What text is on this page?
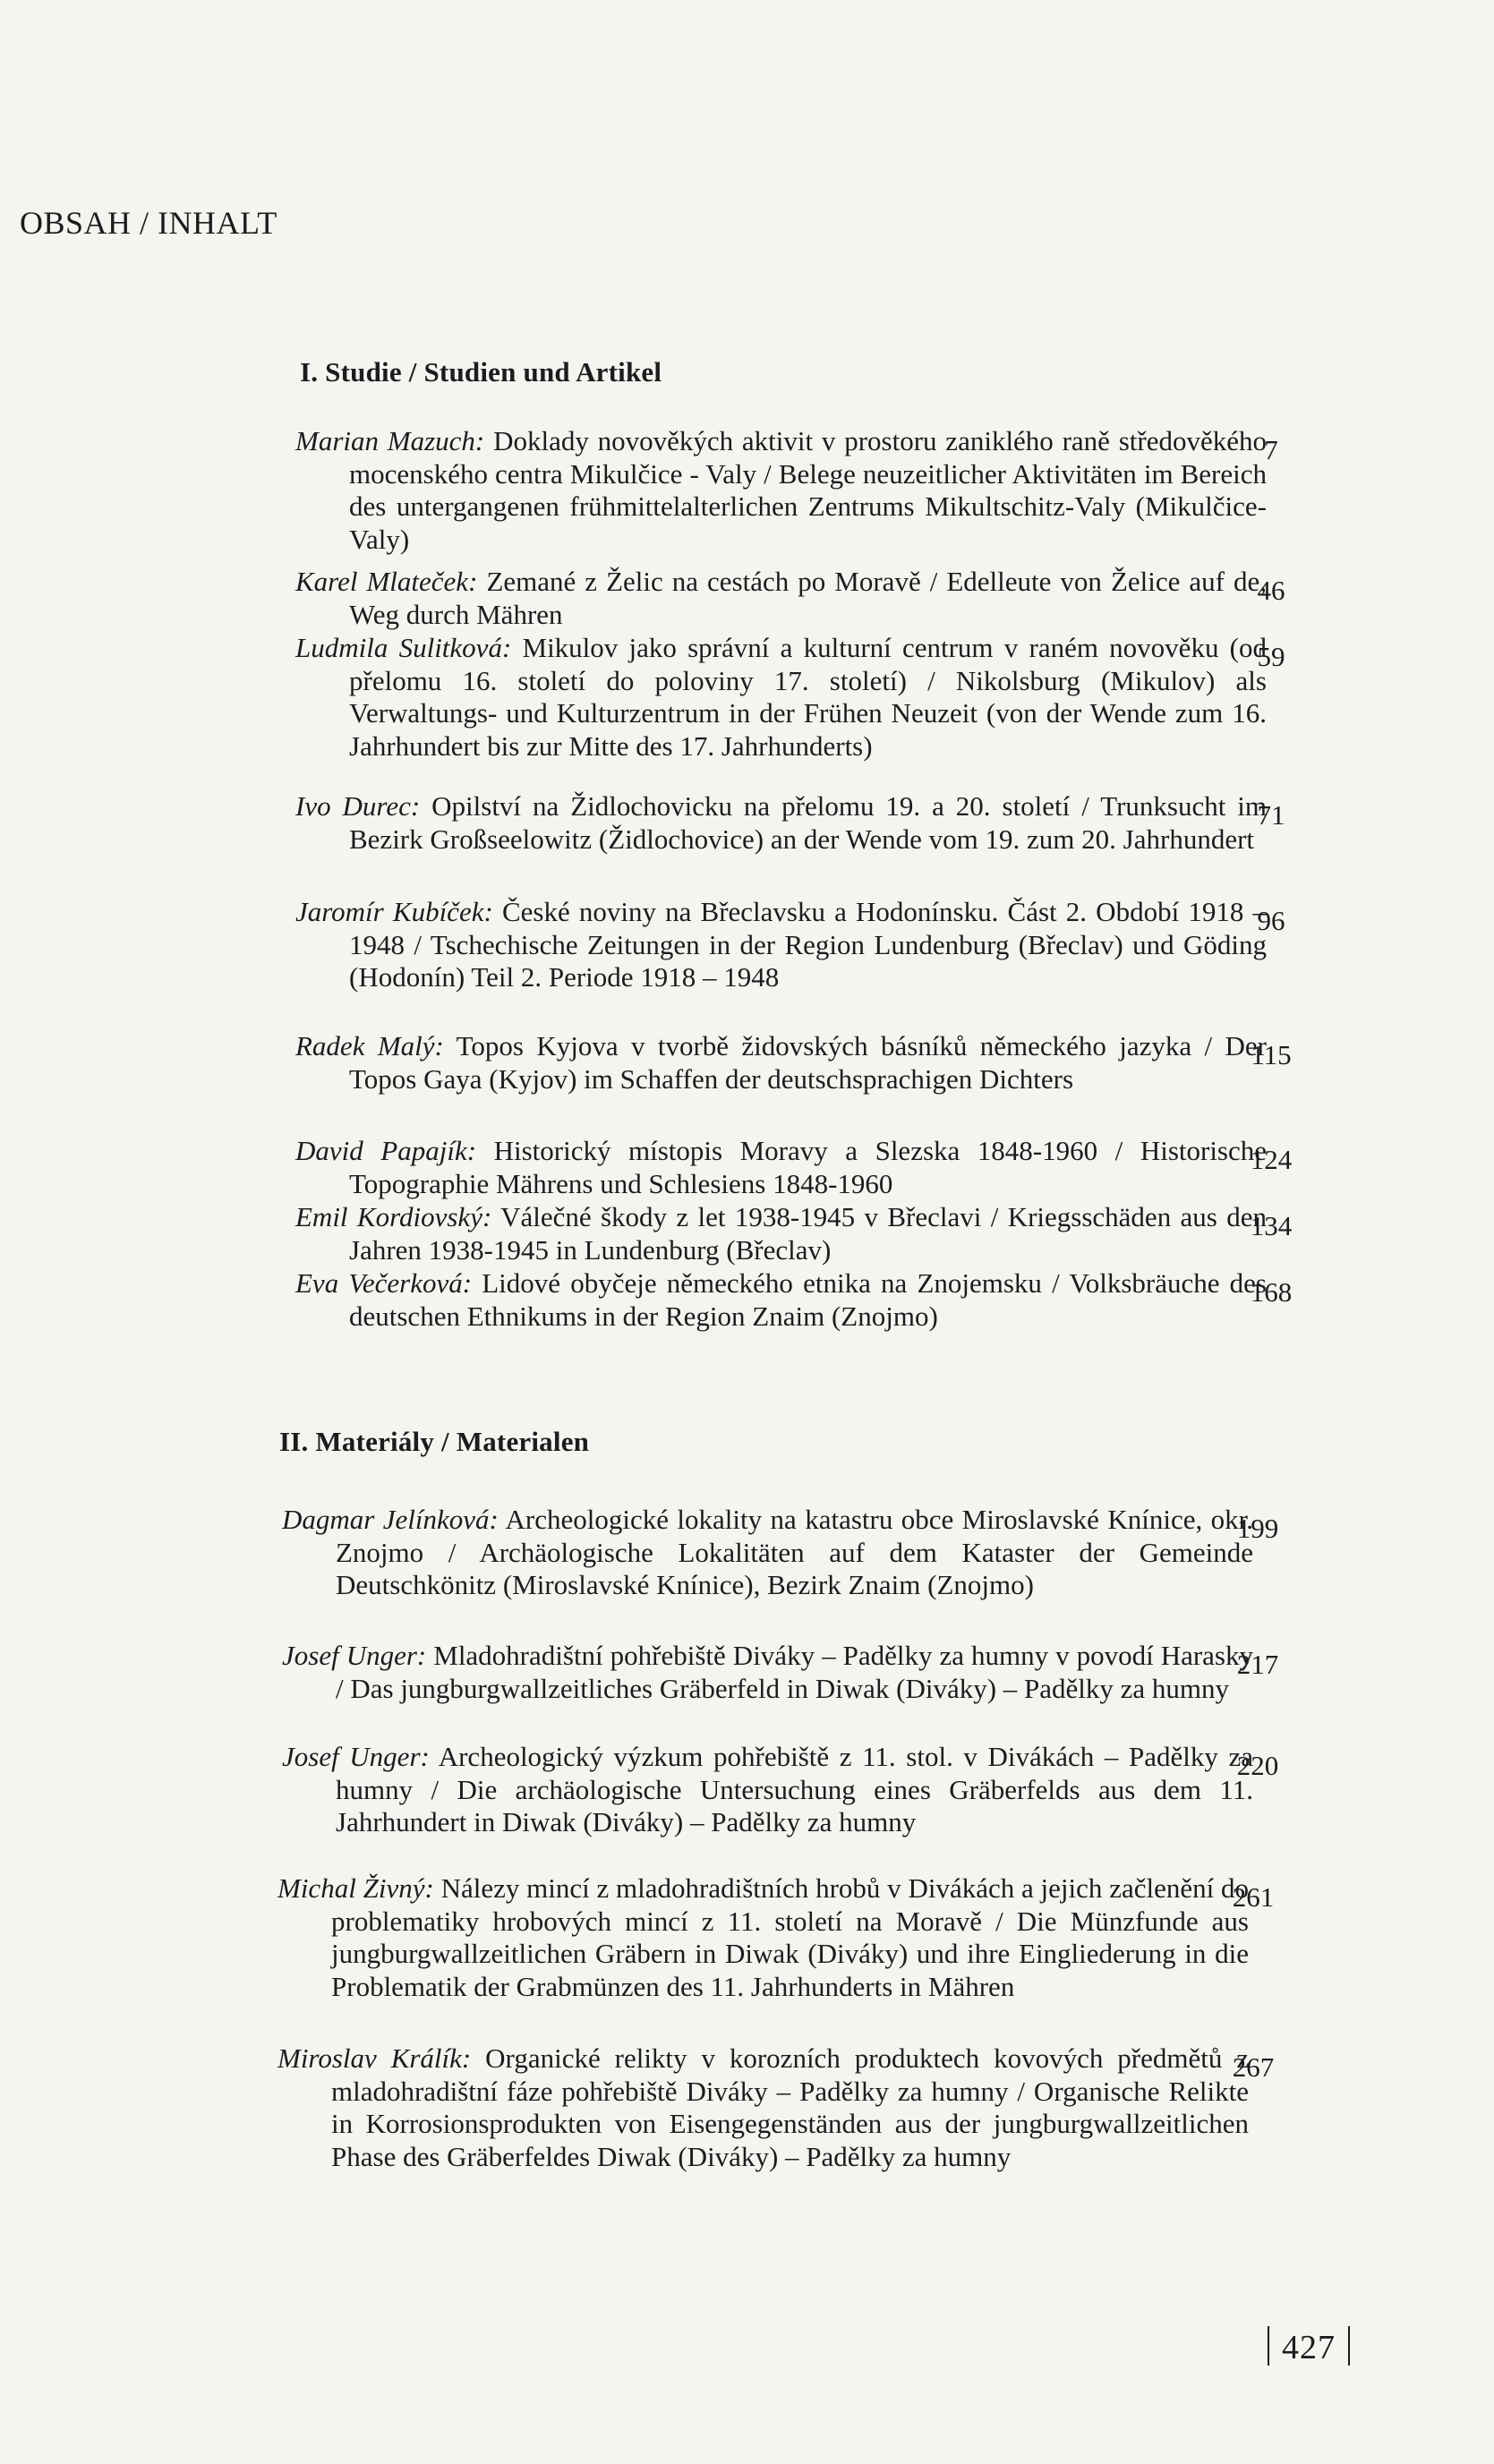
OBSAH / INHALT
I. Studie / Studien und Artikel
Marian Mazuch: Doklady novověkých aktivit v prostoru zaniklého raně středověkého mocenského centra Mikulčice - Valy / Belege neuzeitlicher Aktivitäten im Bereich des untergangenen frühmittelalterlichen Zentrums Mikultschitz-Valy (Mikulčice-Valy)
7
Karel Mlateček: Zemané z Želic na cestách po Moravě / Edelleute von Želice auf de, Weg durch Mähren
46
Ludmila Sulitková: Mikulov jako správní a kulturní centrum v raném novověku (od přelomu 16. století do poloviny 17. století) / Nikolsburg (Mikulov) als Verwaltungs- und Kulturzentrum in der Frühen Neuzeit (von der Wende zum 16. Jahrhundert bis zur Mitte des 17. Jahrhunderts)
59
Ivo Durec: Opilství na Židlochovicku na přelomu 19. a 20. století / Trunksucht im Bezirk Großseelowitz (Židlochovice) an der Wende vom 19. zum 20. Jahrhundert
71
Jaromír Kubíček: České noviny na Břeclavsku a Hodonínsku. Část 2. Období 1918 – 1948 / Tschechische Zeitungen in der Region Lundenburg (Břeclav) und Göding (Hodonín) Teil 2. Periode 1918 – 1948
96
Radek Malý: Topos Kyjova v tvorbě židovských básníků německého jazyka / Der Topos Gaya (Kyjov) im Schaffen der deutschsprachigen Dichters
115
David Papajík: Historický místopis Moravy a Slezska 1848-1960 / Historische Topographie Mährens und Schlesiens 1848-1960
124
Emil Kordiovský: Válečné škody z let 1938-1945 v Břeclavi / Kriegsschäden aus den Jahren 1938-1945 in Lundenburg (Břeclav)
134
Eva Večerková: Lidové obyčeje německého etnika na Znojemsku / Volksbräuche des deutschen Ethnikums in der Region Znaim (Znojmo)
168
II. Materiály / Materialen
Dagmar Jelínková: Archeologické lokality na katastru obce Miroslavské Knínice, okr. Znojmo / Archäologische Lokalitäten auf dem Kataster der Gemeinde Deutschkönitz (Miroslavské Knínice), Bezirk Znaim (Znojmo)
199
Josef Unger: Mladohradištní pohřebiště Diváky – Padělky za humny v povodí Harasky / Das jungburgwallzeitliches Gräberfeld in Diwak (Diváky) – Padělky za humny
217
Josef Unger: Archeologický výzkum pohřebiště z 11. stol. v Divákách – Padělky za humny / Die archäologische Untersuchung eines Gräberfelds aus dem 11. Jahrhundert in Diwak (Diváky) – Padělky za humny
220
Michal Živný: Nálezy mincí z mladohradištních hrobů v Divákách a jejich začlenění do problematiky hrobových mincí z 11. století na Moravě / Die Münzfunde aus jungburgwallzeitlichen Gräbern in Diwak (Diváky) und ihre Eingliederung in die Problematik der Grabmünzen des 11. Jahrhunderts in Mähren
261
Miroslav Králík: Organické relikty v korozních produktech kovových předmětů z mladohradištní fáze pohřebiště Diváky – Padělky za humny / Organische Relikte in Korrosionsprodukten von Eisengegenständen aus der jungburgwallzeitlichen Phase des Gräberfeldes Diwak (Diváky) – Padělky za humny
267
427
